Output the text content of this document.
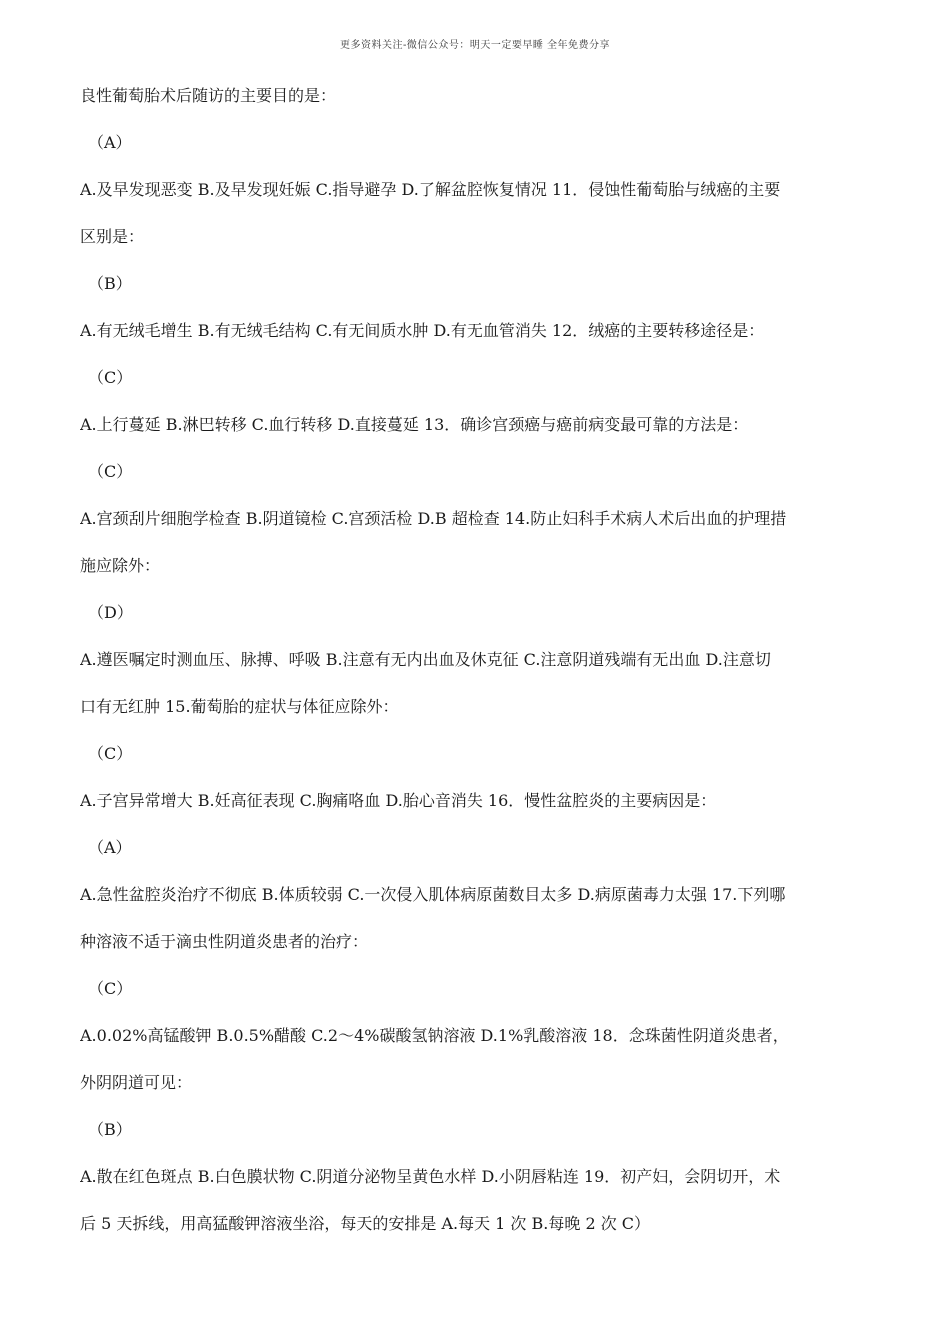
更多资料关注-微信公众号：明天一定要早睡 全年免费分享
良性葡萄胎术后随访的主要目的是：
（A）
A.及早发现恶变 B.及早发现妊娠 C.指导避孕 D.了解盆腔恢复情况 11．侵蚀性葡萄胎与绒癌的主要
区别是：
（B）
A.有无绒毛增生 B.有无绒毛结构 C.有无间质水肿 D.有无血管消失 12．绒癌的主要转移途径是：
（C）
A.上行蔓延 B.淋巴转移 C.血行转移 D.直接蔓延 13．确诊宫颈癌与癌前病变最可靠的方法是：
（C）
A.宫颈刮片细胞学检查 B.阴道镜检 C.宫颈活检 D.B 超检查 14.防止妇科手术病人术后出血的护理措
施应除外：
（D）
A.遵医嘱定时测血压、脉搏、呼吸 B.注意有无内出血及休克征 C.注意阴道残端有无出血 D.注意切
口有无红肿 15.葡萄胎的症状与体征应除外：
（C）
A.子宫异常增大 B.妊高征表现 C.胸痛咯血 D.胎心音消失 16．慢性盆腔炎的主要病因是：
（A）
A.急性盆腔炎治疗不彻底 B.体质较弱 C.一次侵入肌体病原菌数目太多 D.病原菌毒力太强 17.下列哪
种溶液不适于滴虫性阴道炎患者的治疗：
（C）
A.0.02%高锰酸钾 B.0.5%醋酸 C.2～4%碳酸氢钠溶液 D.1%乳酸溶液 18．念珠菌性阴道炎患者，
外阴阴道可见：
（B）
A.散在红色斑点 B.白色膜状物 C.阴道分泌物呈黄色水样 D.小阴唇粘连 19．初产妇，会阴切开，术
后 5 天拆线，用高猛酸钾溶液坐浴，每天的安排是 A.每天 1 次 B.每晚 2 次 C）
